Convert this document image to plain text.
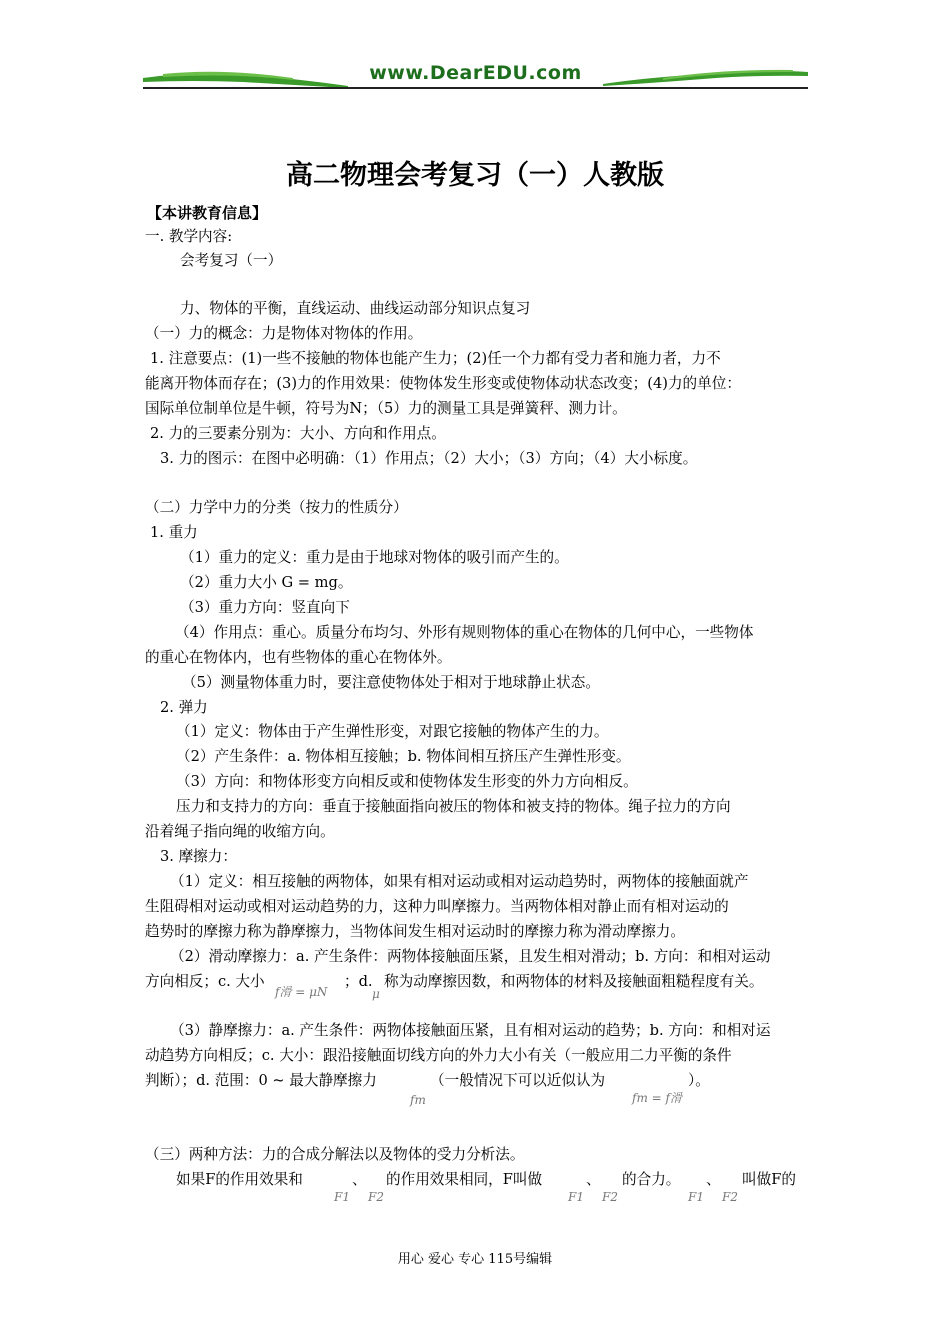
www.DearEDU.com
高二物理会考复习（一）人教版
【本讲教育信息】
一. 教学内容:
会考复习（一）
力、物体的平衡，直线运动、曲线运动部分知识点复习
（一）力的概念：力是物体对物体的作用。
1. 注意要点：(1)一些不接触的物体也能产生力；(2)任一个力都有受力者和施力者，力不
能离开物体而存在；(3)力的作用效果：使物体发生形变或使物体动状态改变；(4)力的单位：
国际单位制单位是牛顿，符号为N；（5）力的测量工具是弹簧秤、测力计。
2. 力的三要素分别为：大小、方向和作用点。
3. 力的图示：在图中必明确：（1）作用点；（2）大小；（3）方向；（4）大小标度。
（二）力学中力的分类（按力的性质分）
1. 重力
（1）重力的定义：重力是由于地球对物体的吸引而产生的。
（2）重力大小 G = mg。
（3）重力方向：竖直向下
（4）作用点：重心。质量分布均匀、外形有规则物体的重心在物体的几何中心，一些物体
的重心在物体内，也有些物体的重心在物体外。
（5）测量物体重力时，要注意使物体处于相对于地球静止状态。
2. 弹力
（1）定义：物体由于产生弹性形变，对跟它接触的物体产生的力。
（2）产生条件：a. 物体相互接触；b. 物体间相互挤压产生弹性形变。
（3）方向：和物体形变方向相反或和使物体发生形变的外力方向相反。
压力和支持力的方向：垂直于接触面指向被压的物体和被支持的物体。绳子拉力的方向
沿着绳子指向绳的收缩方向。
3. 摩擦力：
（1）定义：相互接触的两物体，如果有相对运动或相对运动趋势时，两物体的接触面就产
生阻碍相对运动或相对运动趋势的力，这种力叫摩擦力。当两物体相对静止而有相对运动的
趋势时的摩擦力称为静摩擦力，当物体间发生相对运动时的摩擦力称为滑动摩擦力。
（2）滑动摩擦力：a. 产生条件：两物体接触面压紧，且发生相对滑动；b. 方向：和相对运动
方向相反；c. 大小
f滑 = μN
；d.
μ
称为动摩擦因数，和两物体的材料及接触面粗糙程度有关。
（3）静摩擦力：a. 产生条件：两物体接触面压紧，且有相对运动的趋势；b. 方向：和相对运
动趋势方向相反；c. 大小：跟沿接触面切线方向的外力大小有关（一般应用二力平衡的条件
判断）；d. 范围：0 ~ 最大静摩擦力
fm
（一般情况下可以近似认为
fm = f滑
）。
（三）两种方法：力的合成分解法以及物体的受力分析法。
如果F的作用效果和
F1
、
F2
的作用效果相同，F叫做
F1
、
F2
的合力。
F1
、
F2
叫做F的
用心 爱心 专心 115号编辑
